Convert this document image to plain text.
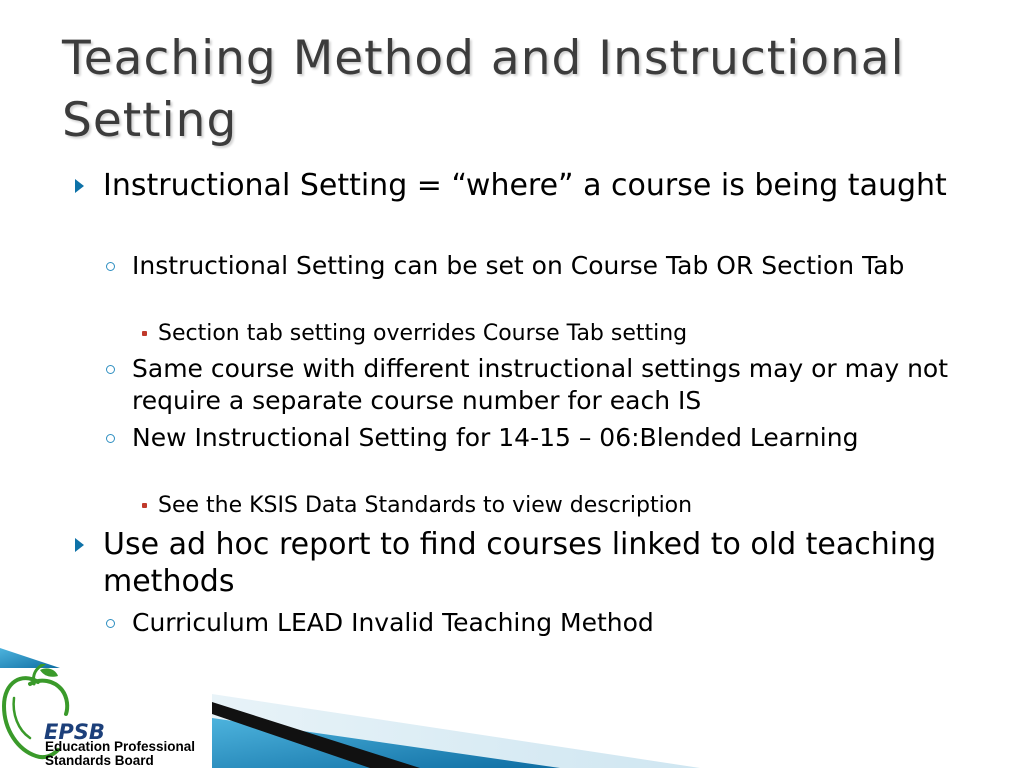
Teaching Method and Instructional Setting
Instructional Setting = “where” a course is being taught
Instructional Setting can be set on Course Tab OR Section Tab
Section tab setting overrides Course Tab setting
Same course with different instructional settings may or may not require a separate course number for each IS
New Instructional Setting for 14-15 – 06:Blended Learning
See the KSIS Data Standards to view description
Use ad hoc report to find courses linked to old teaching methods
Curriculum LEAD Invalid Teaching Method
EPSB
Education Professional
Standards Board
